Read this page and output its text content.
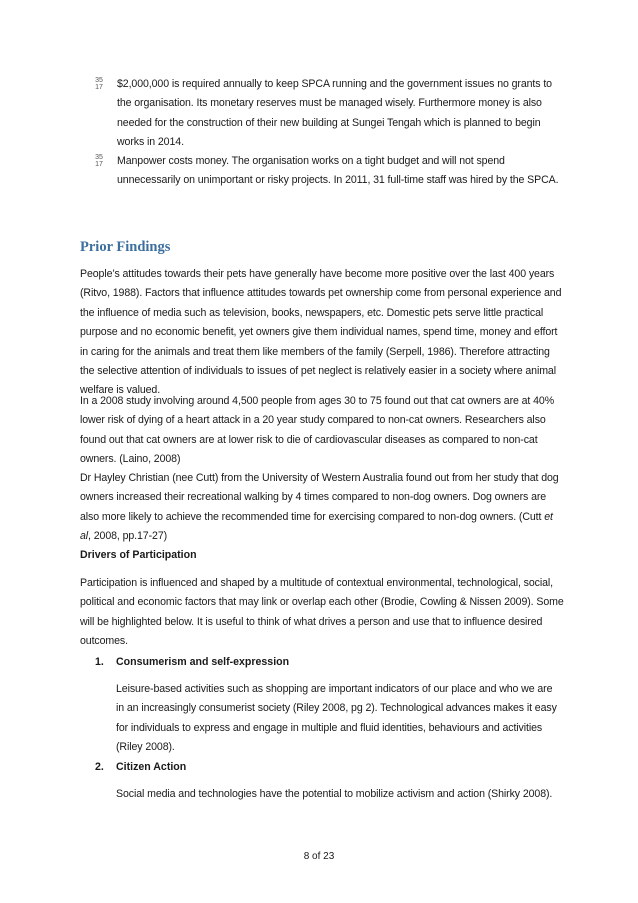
35
17 $2,000,000 is required annually to keep SPCA running and the government issues no grants to the organisation. Its monetary reserves must be managed wisely. Furthermore money is also needed for the construction of their new building at Sungei Tengah which is planned to begin works in 2014.
35
17 Manpower costs money. The organisation works on a tight budget and will not spend unnecessarily on unimportant or risky projects. In 2011, 31 full-time staff was hired by the SPCA.
Prior Findings

People’s attitudes towards their pets have generally have become more positive over the last 400 years (Ritvo, 1988). Factors that influence attitudes towards pet ownership come from personal experience and the influence of media such as television, books, newspapers, etc. Domestic pets serve little practical purpose and no economic benefit, yet owners give them individual names, spend time, money and effort in caring for the animals and treat them like members of the family (Serpell, 1986). Therefore attracting the selective attention of individuals to issues of pet neglect is relatively easier in a society where animal welfare is valued.

In a 2008 study involving around 4,500 people from ages 30 to 75 found out that cat owners are at 40% lower risk of dying of a heart attack in a 20 year study compared to non-cat owners. Researchers also found out that cat owners are at lower risk to die of cardiovascular diseases as compared to non-cat owners. (Laino, 2008)

Dr Hayley Christian (nee Cutt) from the University of Western Australia found out from her study that dog owners increased their recreational walking by 4 times compared to non-dog owners. Dog owners are also more likely to achieve the recommended time for exercising compared to non-dog owners. (Cutt et al, 2008, pp.17-27)

Drivers of Participation

Participation is influenced and shaped by a multitude of contextual environmental, technological, social, political and economic factors that may link or overlap each other (Brodie, Cowling & Nissen 2009). Some will be highlighted below. It is useful to think of what drives a person and use that to influence desired outcomes.

1. Consumerism and self-expression

Leisure-based activities such as shopping are important indicators of our place and who we are in an increasingly consumerist society (Riley 2008, pg 2). Technological advances makes it easy for individuals to express and engage in multiple and fluid identities, behaviours and activities (Riley 2008).

2. Citizen Action

Social media and technologies have the potential to mobilize activism and action (Shirky 2008).

8 of 23
